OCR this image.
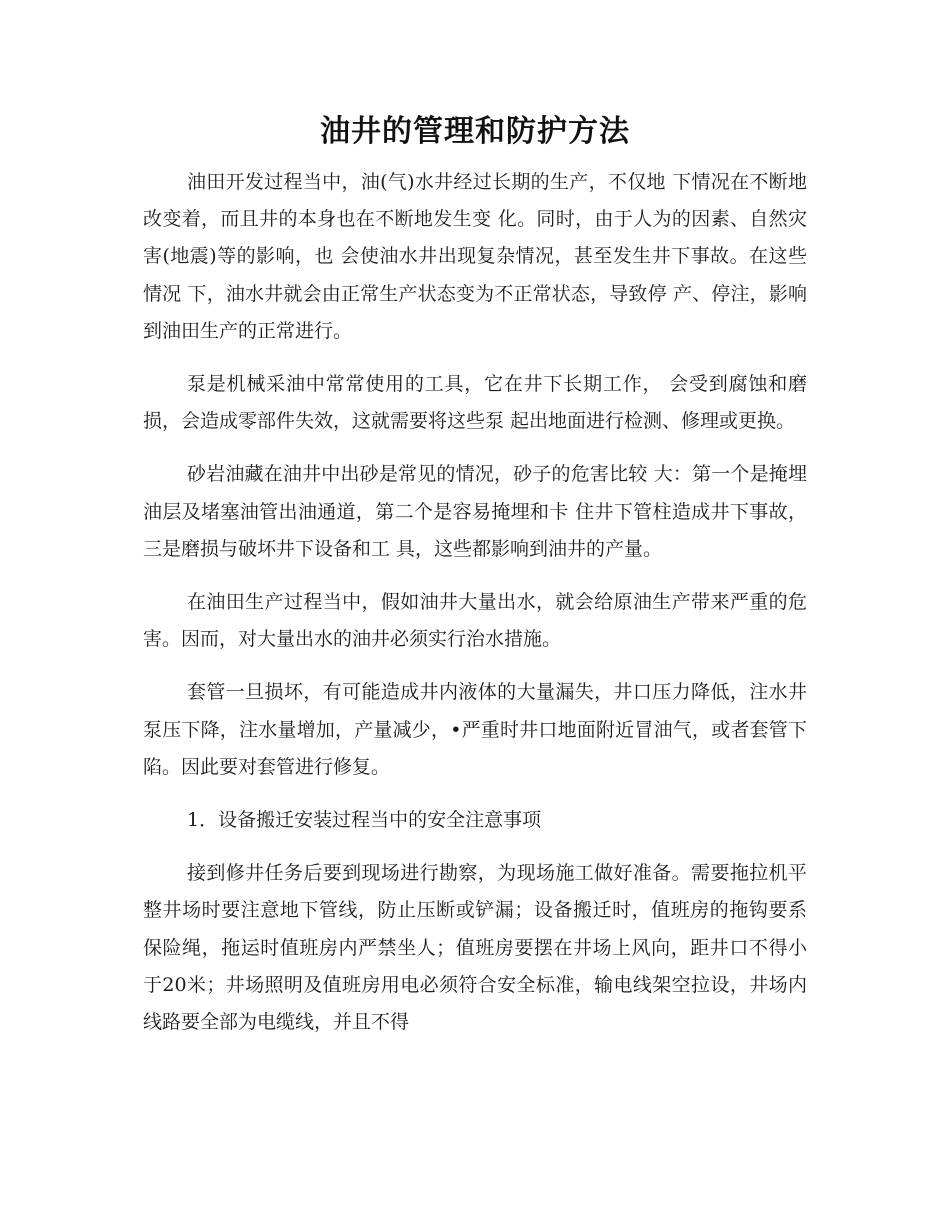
油井的管理和防护方法

油田开发过程当中，油(气)水井经过长期的生产，不仅地 下情况在不断地改变着，而且井的本身也在不断地发生变 化。同时，由于人为的因素、自然灾害(地震)等的影响，也 会使油水井出现复杂情况，甚至发生井下事故。在这些情况 下，油水井就会由正常生产状态变为不正常状态，导致停 产、停注，影响到油田生产的正常进行。

泵是机械采油中常常使用的工具，它在井下长期工作， 会受到腐蚀和磨损，会造成零部件失效，这就需要将这些泵 起出地面进行检测、修理或更换。

砂岩油藏在油井中出砂是常见的情况，砂子的危害比较 大：第一个是掩埋油层及堵塞油管出油通道，第二个是容易掩埋和卡 住井下管柱造成井下事故，三是磨损与破坏井下设备和工 具，这些都影响到油井的产量。

在油田生产过程当中，假如油井大量出水，就会给原油生产带来严重的危害。因而，对大量出水的油井必须实行治水措施。

套管一旦损坏，有可能造成井内液体的大量漏失，井口压力降低，注水井泵压下降，注水量增加，产量减少，•严重时井口地面附近冒油气，或者套管下陷。因此要对套管进行修复。

1．设备搬迁安装过程当中的安全注意事项

接到修井任务后要到现场进行勘察，为现场施工做好准备。需要拖拉机平整井场时要注意地下管线，防止压断或铲漏；设备搬迁时，值班房的拖钩要系保险绳，拖运时值班房内严禁坐人；值班房要摆在井场上风向，距井口不得小于20米；井场照明及值班房用电必须符合安全标准，输电线架空拉设，井场内线路要全部为电缆线，并且不得
